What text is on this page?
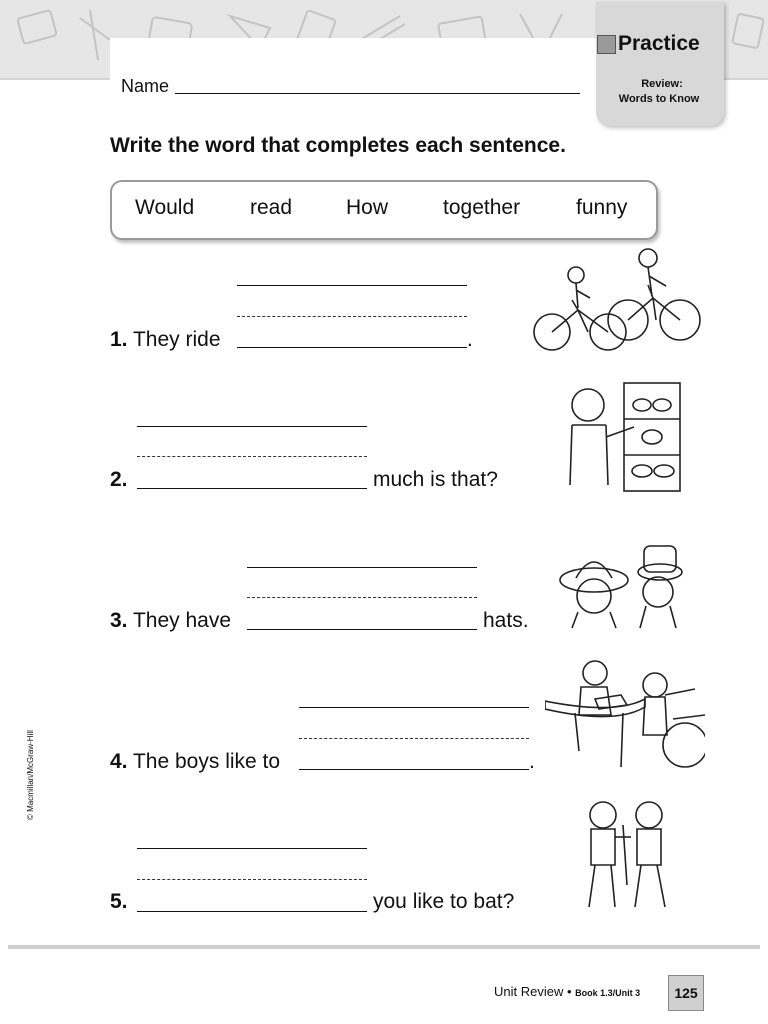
Name
Practice
Review:
Words to Know
Write the word that completes each sentence.
Would	read	How	together	funny
1. They ride	.
2.	much is that?
3. They have	hats.
4. The boys like to	.
5.	you like to bat?
© Macmillan/McGraw-Hill
Unit Review • Book 1.3/Unit 3	125
